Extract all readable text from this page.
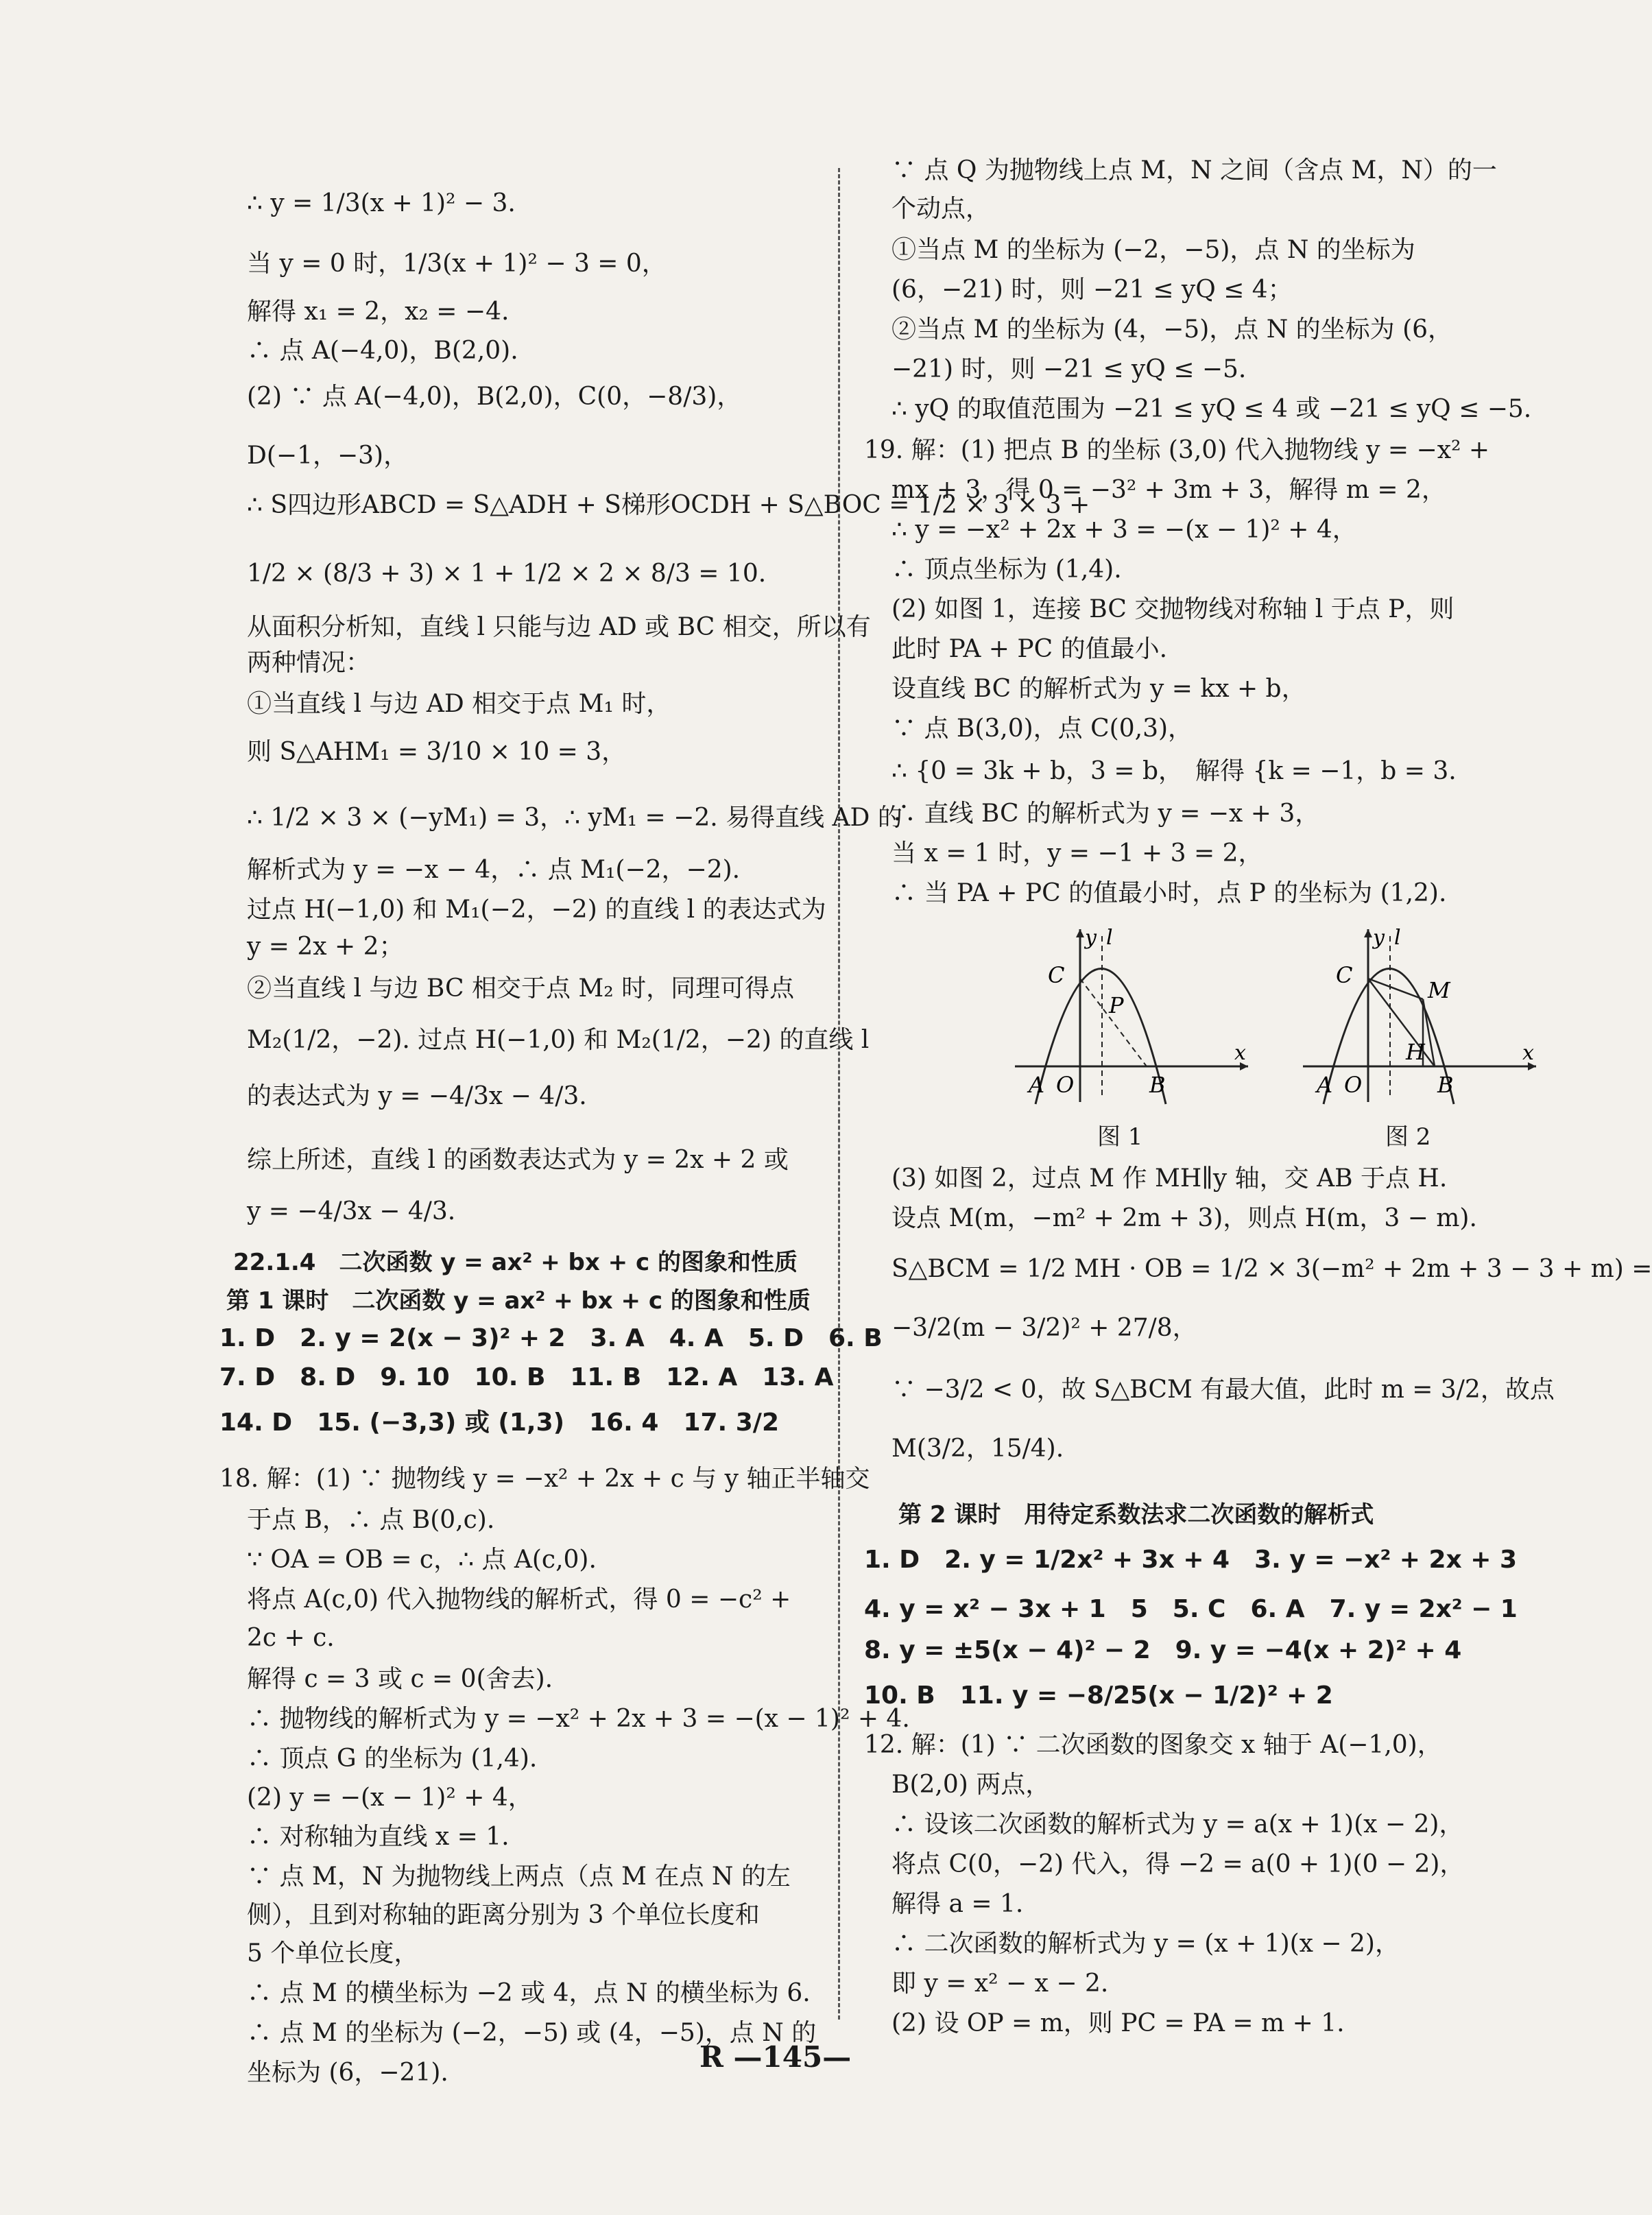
∴ y = 1/3(x + 1)² − 3.
当 y = 0 时，1/3(x + 1)² − 3 = 0，
解得 x₁ = 2，x₂ = −4.
∴ 点 A(−4,0)，B(2,0).
(2) ∵ 点 A(−4,0)，B(2,0)，C(0，−8/3)，
D(−1，−3)，
∴ S四边形ABCD = S△ADH + S梯形OCDH + S△BOC = 1/2 × 3 × 3 +
1/2 × (8/3 + 3) × 1 + 1/2 × 2 × 8/3 = 10.
从面积分析知，直线 l 只能与边 AD 或 BC 相交，所以有
两种情况：
①当直线 l 与边 AD 相交于点 M₁ 时，
则 S△AHM₁ = 3/10 × 10 = 3，
∴ 1/2 × 3 × (−yM₁) = 3，∴ yM₁ = −2. 易得直线 AD 的
解析式为 y = −x − 4，∴ 点 M₁(−2，−2).
过点 H(−1,0) 和 M₁(−2，−2) 的直线 l 的表达式为
y = 2x + 2；
②当直线 l 与边 BC 相交于点 M₂ 时，同理可得点
M₂(1/2，−2). 过点 H(−1,0) 和 M₂(1/2，−2) 的直线 l
的表达式为 y = −4/3x − 4/3.
综上所述，直线 l 的函数表达式为 y = 2x + 2 或
y = −4/3x − 4/3.
22.1.4　二次函数 y = ax² + bx + c 的图象和性质
第 1 课时　二次函数 y = ax² + bx + c 的图象和性质
1. D　2. y = 2(x − 3)² + 2　3. A　4. A　5. D　6. B
7. D　8. D　9. 10　10. B　11. B　12. A　13. A
14. D　15. (−3,3) 或 (1,3)　16. 4　17. 3/2
18. 解：(1) ∵ 抛物线 y = −x² + 2x + c 与 y 轴正半轴交
于点 B，∴ 点 B(0,c).
∵ OA = OB = c，∴ 点 A(c,0).
将点 A(c,0) 代入抛物线的解析式，得 0 = −c² +
2c + c.
解得 c = 3 或 c = 0(舍去).
∴ 抛物线的解析式为 y = −x² + 2x + 3 = −(x − 1)² + 4.
∴ 顶点 G 的坐标为 (1,4).
(2) y = −(x − 1)² + 4，
∴ 对称轴为直线 x = 1.
∵ 点 M，N 为抛物线上两点（点 M 在点 N 的左
侧），且到对称轴的距离分别为 3 个单位长度和
5 个单位长度，
∴ 点 M 的横坐标为 −2 或 4，点 N 的横坐标为 6.
∴ 点 M 的坐标为 (−2，−5) 或 (4，−5)，点 N 的
坐标为 (6，−21).
∵ 点 Q 为抛物线上点 M，N 之间（含点 M，N）的一
个动点，
①当点 M 的坐标为 (−2，−5)，点 N 的坐标为
(6，−21) 时，则 −21 ≤ yQ ≤ 4；
②当点 M 的坐标为 (4，−5)，点 N 的坐标为 (6，
−21) 时，则 −21 ≤ yQ ≤ −5.
∴ yQ 的取值范围为 −21 ≤ yQ ≤ 4 或 −21 ≤ yQ ≤ −5.
19. 解：(1) 把点 B 的坐标 (3,0) 代入抛物线 y = −x² +
mx + 3，得 0 = −3² + 3m + 3，解得 m = 2，
∴ y = −x² + 2x + 3 = −(x − 1)² + 4，
∴ 顶点坐标为 (1,4).
(2) 如图 1，连接 BC 交抛物线对称轴 l 于点 P，则
此时 PA + PC 的值最小.
设直线 BC 的解析式为 y = kx + b，
∵ 点 B(3,0)，点 C(0,3)，
∴ {0 = 3k + b，3 = b，　解得 {k = −1，b = 3.
∴ 直线 BC 的解析式为 y = −x + 3，
当 x = 1 时，y = −1 + 3 = 2，
∴ 当 PA + PC 的值最小时，点 P 的坐标为 (1,2).
C
P
A O	B
x
y l
图 1
C
M
H
A O	B
x
y l
图 2
(3) 如图 2，过点 M 作 MH∥y 轴，交 AB 于点 H.
设点 M(m，−m² + 2m + 3)，则点 H(m，3 − m).
S△BCM = 1/2 MH · OB = 1/2 × 3(−m² + 2m + 3 − 3 + m) =
−3/2(m − 3/2)² + 27/8，
∵ −3/2 < 0，故 S△BCM 有最大值，此时 m = 3/2，故点
M(3/2，15/4).
第 2 课时　用待定系数法求二次函数的解析式
1. D　2. y = 1/2x² + 3x + 4　3. y = −x² + 2x + 3
4. y = x² − 3x + 1　5　5. C　6. A　7. y = 2x² − 1
8. y = ±5(x − 4)² − 2　9. y = −4(x + 2)² + 4
10. B　11. y = −8/25(x − 1/2)² + 2
12. 解：(1) ∵ 二次函数的图象交 x 轴于 A(−1,0)，
B(2,0) 两点，
∴ 设该二次函数的解析式为 y = a(x + 1)(x − 2)，
将点 C(0，−2) 代入，得 −2 = a(0 + 1)(0 − 2)，
解得 a = 1.
∴ 二次函数的解析式为 y = (x + 1)(x − 2)，
即 y = x² − x − 2.
(2) 设 OP = m，则 PC = PA = m + 1.
R —145—
